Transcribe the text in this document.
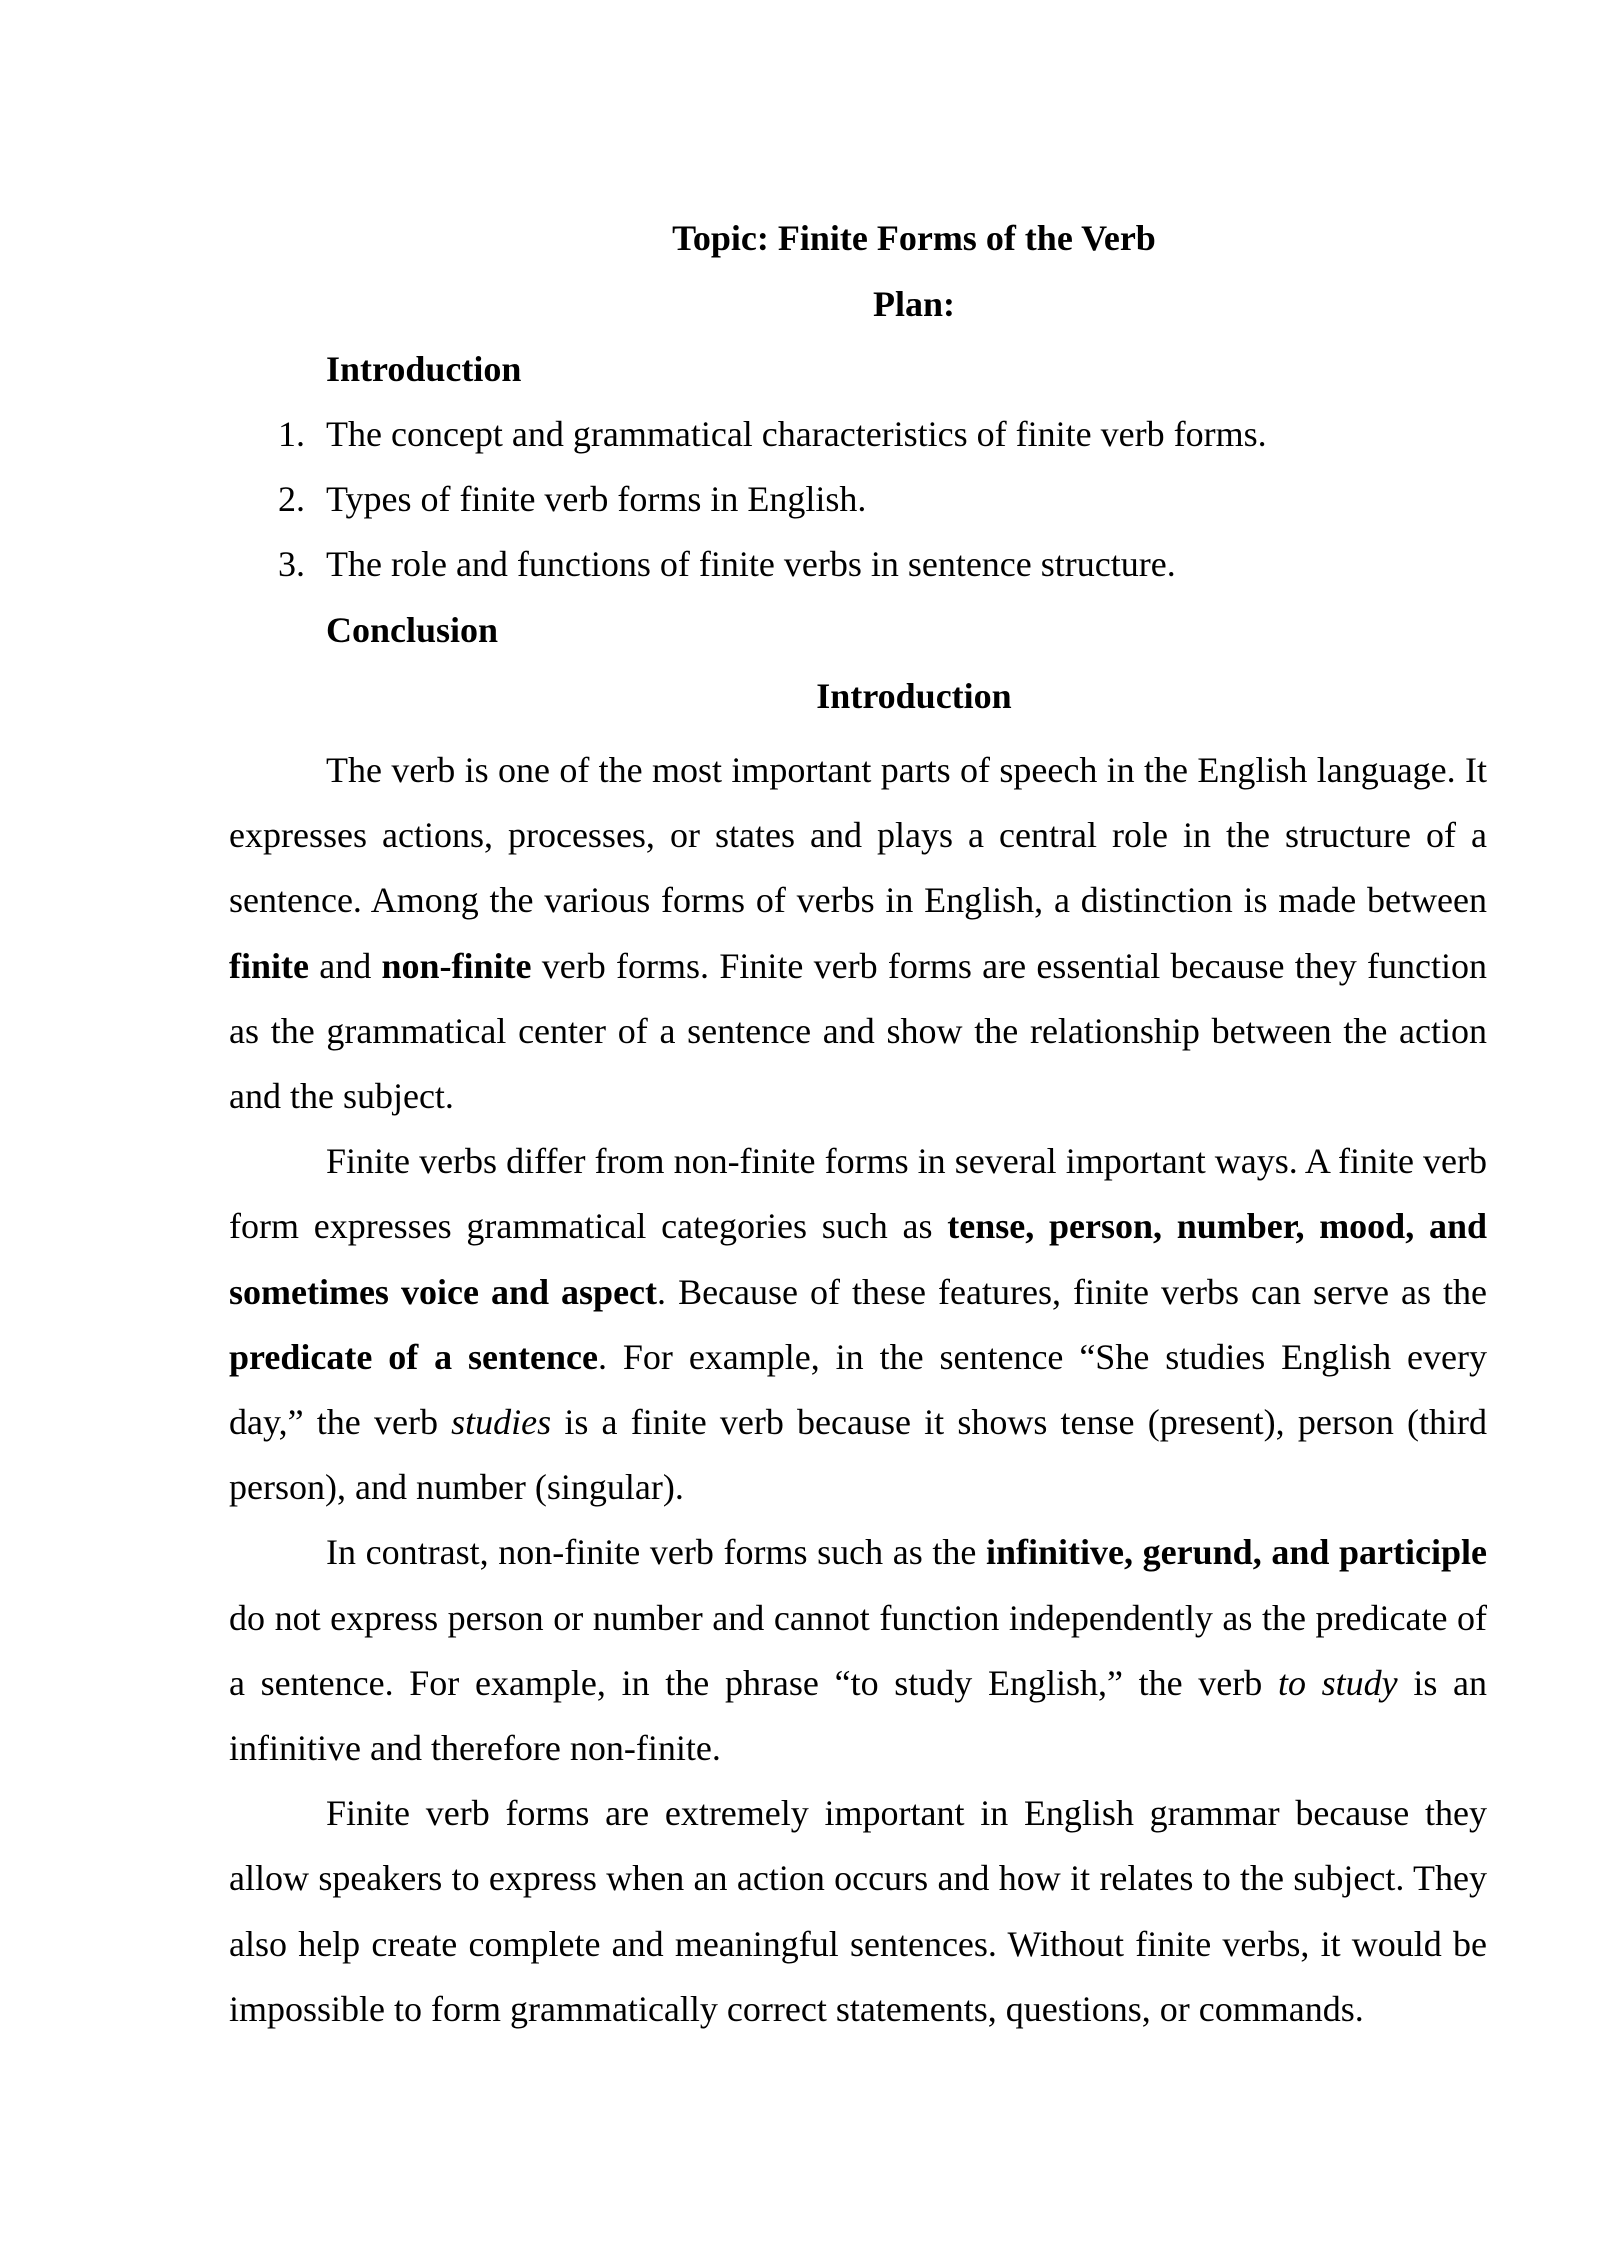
Topic: Finite Forms of the Verb
Plan:
Introduction
1. The concept and grammatical characteristics of finite verb forms.
2. Types of finite verb forms in English.
3. The role and functions of finite verbs in sentence structure.
Conclusion
Introduction

The verb is one of the most important parts of speech in the English language. It expresses actions, processes, or states and plays a central role in the structure of a sentence. Among the various forms of verbs in English, a distinction is made between finite and non-finite verb forms. Finite verb forms are essential because they function as the grammatical center of a sentence and show the relationship between the action and the subject.

Finite verbs differ from non-finite forms in several important ways. A finite verb form expresses grammatical categories such as tense, person, number, mood, and sometimes voice and aspect. Because of these features, finite verbs can serve as the predicate of a sentence. For example, in the sentence “She studies English every day,” the verb studies is a finite verb because it shows tense (present), person (third person), and number (singular).

In contrast, non-finite verb forms such as the infinitive, gerund, and participle do not express person or number and cannot function independently as the predicate of a sentence. For example, in the phrase “to study English,” the verb to study is an infinitive and therefore non-finite.

Finite verb forms are extremely important in English grammar because they allow speakers to express when an action occurs and how it relates to the subject. They also help create complete and meaningful sentences. Without finite verbs, it would be impossible to form grammatically correct statements, questions, or commands.
